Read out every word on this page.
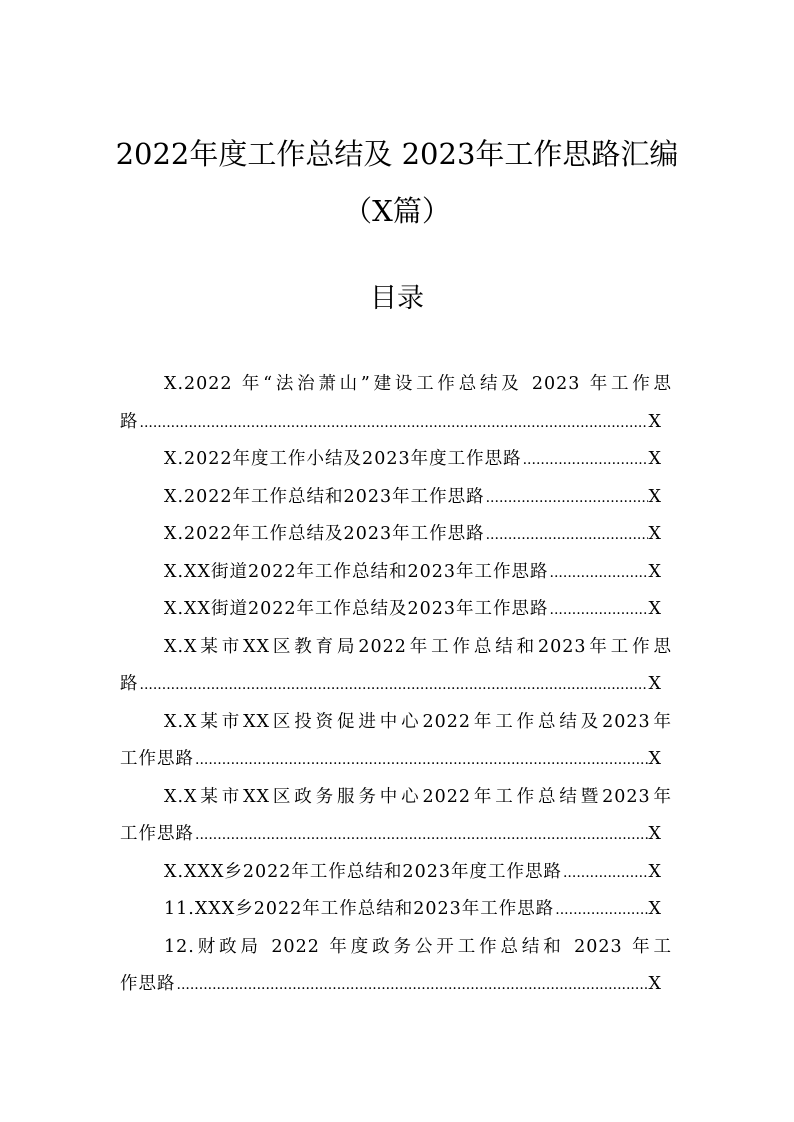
2022年度工作总结及 2023年工作思路汇编
（X篇）
目录
X.2022 年“法治萧山”建设工作总结及 2023 年工作思
路 .....	X
X.2022年度工作小结及2023年度工作思路 .....	X
X.2022年工作总结和2023年工作思路 .....	X
X.2022年工作总结及2023年工作思路 .....	X
X.XX街道2022年工作总结和2023年工作思路 .....	X
X.XX街道2022年工作总结及2023年工作思路 .....	X
X.X某市XX区教育局2022年工作总结和2023年工作思
路 .....	X
X.X某市XX区投资促进中心2022年工作总结及2023年
工作思路 .....	X
X.X某市XX区政务服务中心2022年工作总结暨2023年
工作思路 .....	X
X.XXX乡2022年工作总结和2023年度工作思路 .....	X
11.XXX乡2022年工作总结和2023年工作思路 .....	X
12.财政局 2022 年度政务公开工作总结和 2023 年工
作思路 .....	X
